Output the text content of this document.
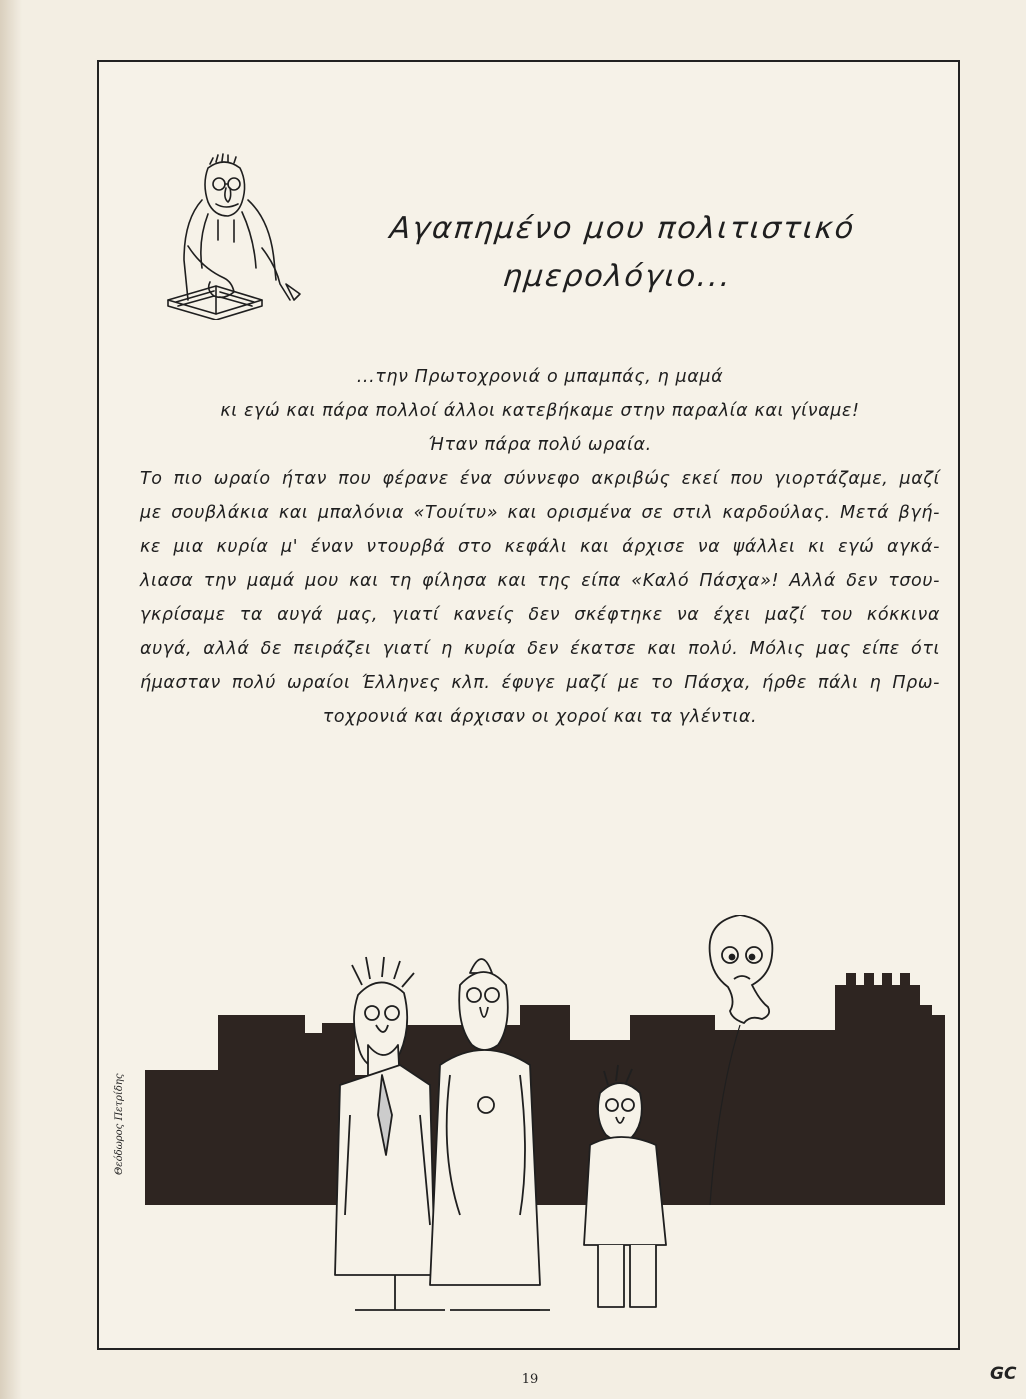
Αγαπημένο μου πολιτιστικό
ημερολόγιο...
...την Πρωτοχρονιά ο μπαμπάς, η μαμά
κι εγώ και πάρα πολλοί άλλοι κατεβήκαμε στην παραλία και γίναμε!
Ήταν πάρα πολύ ωραία.
Το πιο ωραίο ήταν που φέρανε ένα σύννεφο ακριβώς εκεί που γιορτάζαμε, μαζί
με σουβλάκια και μπαλόνια «Τουίτυ» και ορισμένα σε στιλ καρδούλας. Μετά βγή-
κε μια κυρία μ' έναν ντουρβά στο κεφάλι και άρχισε να ψάλλει κι εγώ αγκά-
λιασα την μαμά μου και τη φίλησα και της είπα «Καλό Πάσχα»! Αλλά δεν τσου-
γκρίσαμε τα αυγά μας, γιατί κανείς δεν σκέφτηκε να έχει μαζί του κόκκινα
αυγά, αλλά δε πειράζει γιατί η κυρία δεν έκατσε και πολύ. Μόλις μας είπε ότι
ήμασταν πολύ ωραίοι Έλληνες κλπ. έφυγε μαζί με το Πάσχα, ήρθε πάλι η Πρω-
τοχρονιά και άρχισαν οι χοροί και τα γλέντια.
Θεόδωρος Πετρίδης
19	GC
